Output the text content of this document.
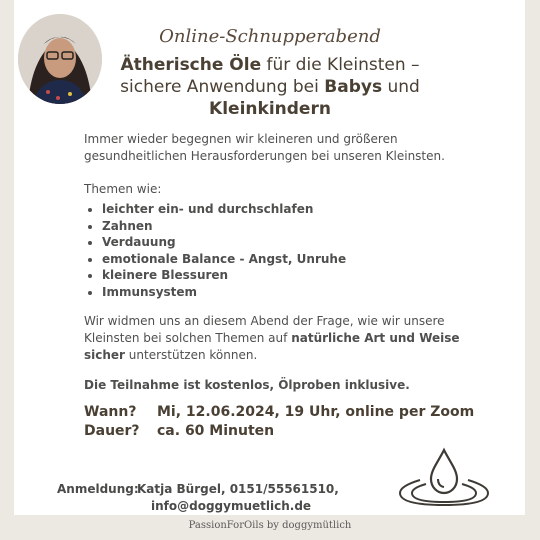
Online-Schnupperabend
Ätherische Öle für die Kleinsten –
sichere Anwendung bei Babys und
Kleinkindern
Immer wieder begegnen wir kleineren und größeren gesundheitlichen Herausforderungen bei unseren Kleinsten.
Themen wie:
• leichter ein- und durchschlafen
• Zahnen
• Verdauung
• emotionale Balance - Angst, Unruhe
• kleinere Blessuren
• Immunsystem
Wir widmen uns an diesem Abend der Frage, wie wir unsere Kleinsten bei solchen Themen auf natürliche Art und Weise sicher unterstützen können.
Die Teilnahme ist kostenlos, Ölproben inklusive.
Wann? Mi, 12.06.2024, 19 Uhr, online per Zoom
Dauer? ca. 60 Minuten
Anmeldung:Katja Bürgel, 0151/55561510,
info@doggymuetlich.de
PassionForOils by doggymütlich
